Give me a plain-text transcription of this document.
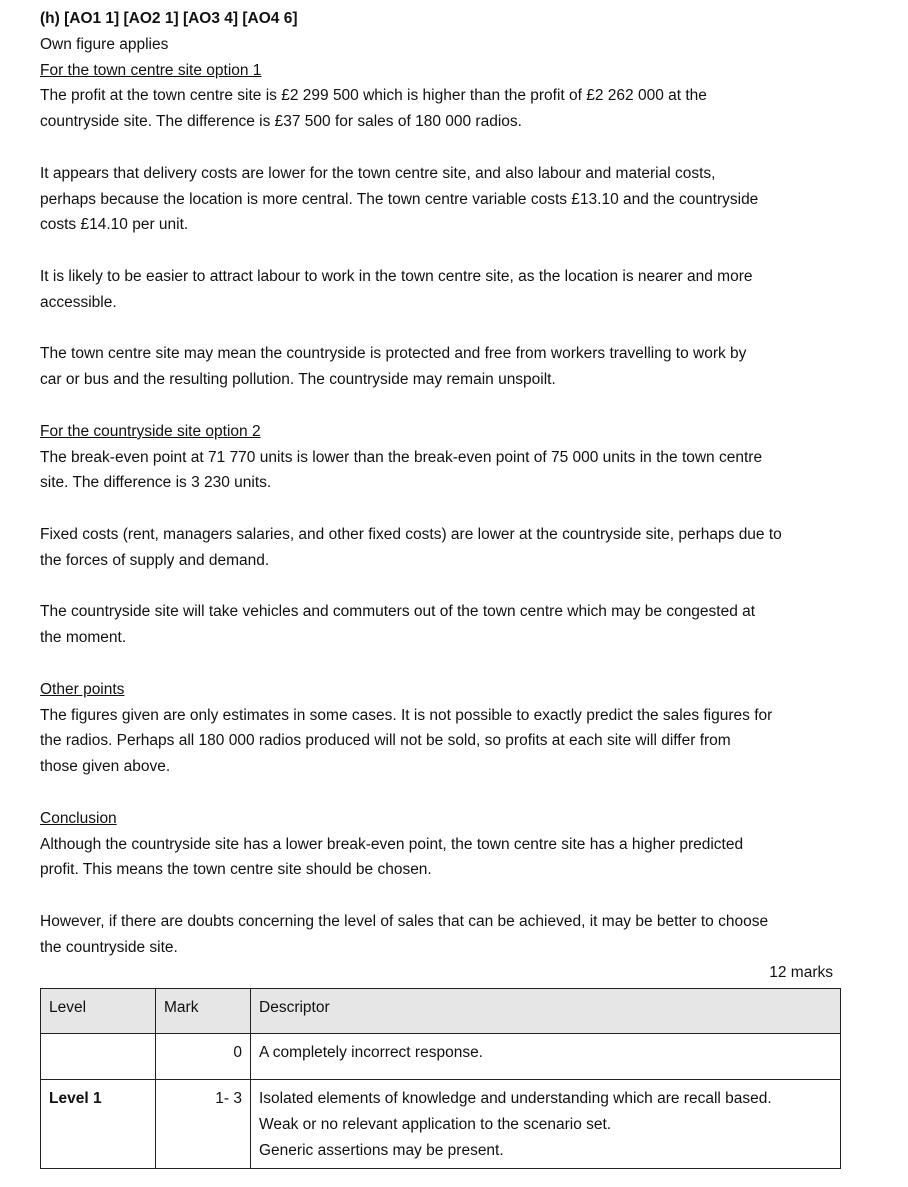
(h) [AO1 1] [AO2 1] [AO3 4] [AO4 6]

Own figure applies

For the town centre site option 1

The profit at the town centre site is £2 299 500 which is higher than the profit of £2 262 000 at the

countryside site. The difference is £37 500 for sales of 180 000 radios.

It appears that delivery costs are lower for the town centre site, and also labour and material costs,

perhaps because the location is more central. The town centre variable costs £13.10 and the countryside

costs £14.10 per unit.

It is likely to be easier to attract labour to work in the town centre site, as the location is nearer and more

accessible.

The town centre site may mean the countryside is protected and free from workers travelling to work by

car or bus and the resulting pollution. The countryside may remain unspoilt.

For the countryside site option 2

The break-even point at 71 770 units is lower than the break-even point of 75 000 units in the town centre

site. The difference is 3 230 units.

Fixed costs (rent, managers salaries, and other fixed costs) are lower at the countryside site, perhaps due to

the forces of supply and demand.

The countryside site will take vehicles and commuters out of the town centre which may be congested at

the moment.

Other points

The figures given are only estimates in some cases. It is not possible to exactly predict the sales figures for

the radios. Perhaps all 180 000 radios produced will not be sold, so profits at each site will differ from

those given above.

Conclusion

Although the countryside site has a lower break-even point, the town centre site has a higher predicted

profit. This means the town centre site should be chosen.

However, if there are doubts concerning the level of sales that can be achieved, it may be better to choose

the countryside site.

12 marks

Level	Mark	Descriptor
	0	A completely incorrect response.

Level 1	1- 3	Isolated elements of knowledge and understanding which are recall based.
Weak or no relevant application to the scenario set.
Generic assertions may be present.
